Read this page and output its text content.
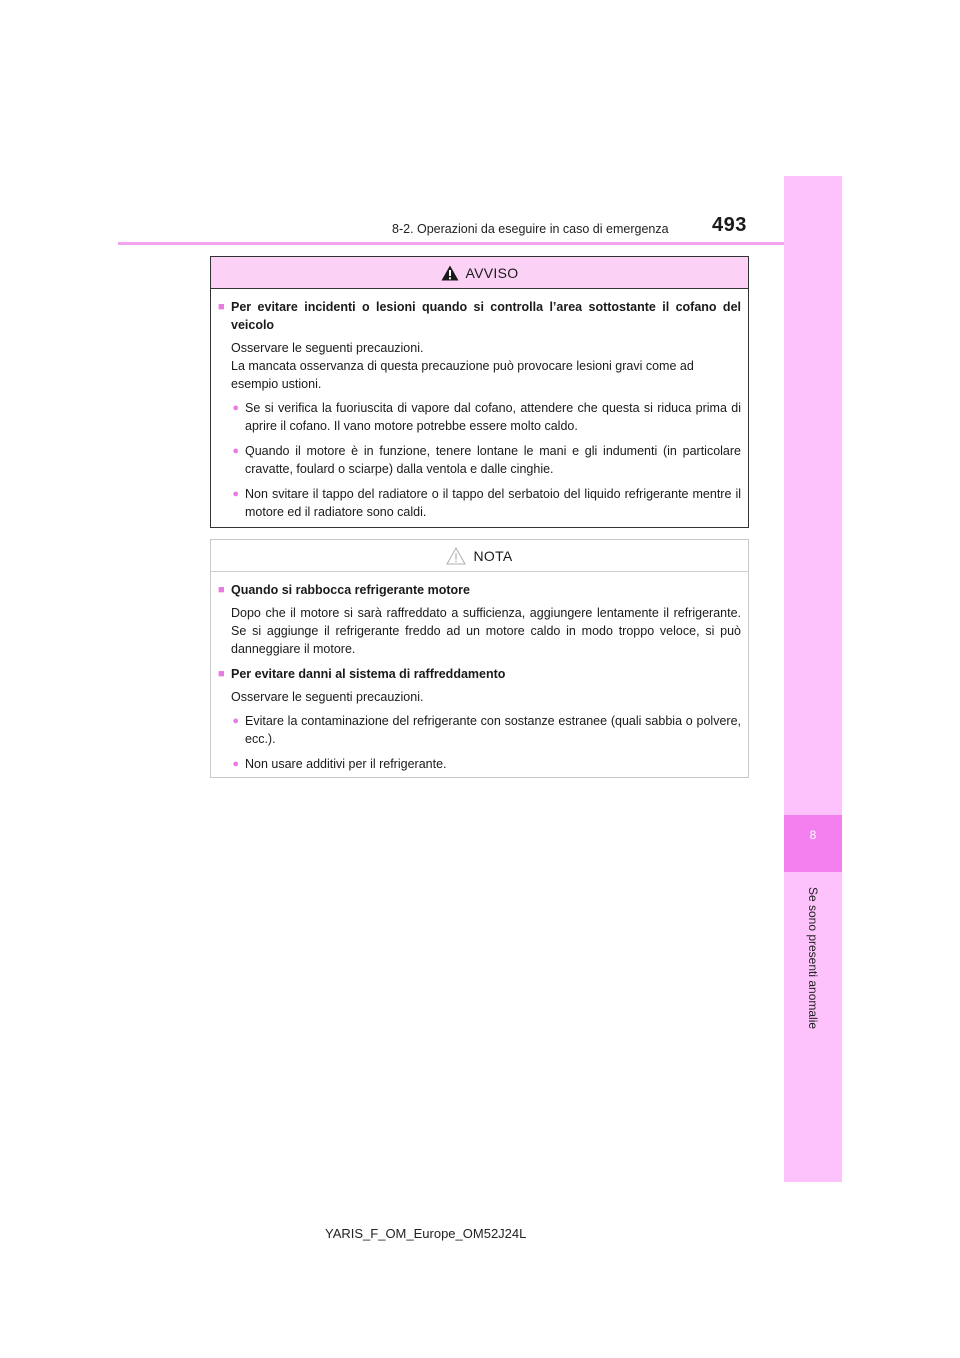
493
8-2. Operazioni da eseguire in caso di emergenza
8
Se sono presenti anomalie
AVVISO
■ Per evitare incidenti o lesioni quando si controlla l’area sottostante il cofano del veicolo
Osservare le seguenti precauzioni.
La mancata osservanza di questa precauzione può provocare lesioni gravi come ad esempio ustioni.
● Se si verifica la fuoriuscita di vapore dal cofano, attendere che questa si riduca prima di aprire il cofano. Il vano motore potrebbe essere molto caldo.
● Quando il motore è in funzione, tenere lontane le mani e gli indumenti (in particolare cravatte, foulard o sciarpe) dalla ventola e dalle cinghie.
● Non svitare il tappo del radiatore o il tappo del serbatoio del liquido refrigerante mentre il motore ed il radiatore sono caldi.
NOTA
■ Quando si rabbocca refrigerante motore
Dopo che il motore si sarà raffreddato a sufficienza, aggiungere lentamente il refrigerante. Se si aggiunge il refrigerante freddo ad un motore caldo in modo troppo veloce, si può danneggiare il motore.
■ Per evitare danni al sistema di raffreddamento
Osservare le seguenti precauzioni.
● Evitare la contaminazione del refrigerante con sostanze estranee (quali sabbia o polvere, ecc.).
● Non usare additivi per il refrigerante.
YARIS_F_OM_Europe_OM52J24L
